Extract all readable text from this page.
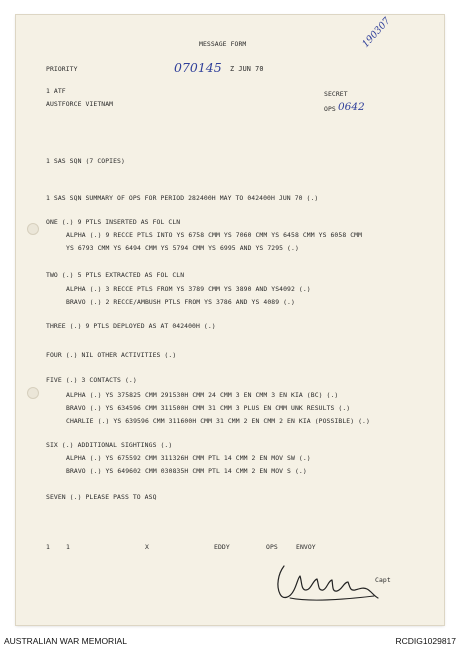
MESSAGE FORM
PRIORITY	070145 Z JUN 70
190307
1 ATF
AUSTFORCE VIETNAM
SECRET
OPS 0642
1 SAS SQN (7 COPIES)
1 SAS SQN SUMMARY OF OPS FOR PERIOD 282400H MAY TO 042400H JUN 70 (.)
ONE (.) 9 PTLS INSERTED AS FOL CLN
ALPHA (.) 9 RECCE PTLS INTO YS 6758 CMM YS 7060 CMM YS 6458 CMM YS 6058 CMM
YS 6793 CMM YS 6494 CMM YS 5794 CMM YS 6995 AND YS 7295 (.)
TWO (.) 5 PTLS EXTRACTED AS FOL CLN
ALPHA (.) 3 RECCE PTLS FROM YS 3789 CMM YS 3890 AND YS4092 (.)
BRAVO (.) 2 RECCE/AMBUSH PTLS FROM YS 3786 AND YS 4089 (.)
THREE (.) 9 PTLS DEPLOYED AS AT 042400H (.)
FOUR (.) NIL OTHER ACTIVITIES (.)
FIVE (.) 3 CONTACTS (.)
ALPHA (.) YS 375825 CMM 291530H CMM 24 CMM 3 EN CMM 3 EN KIA (BC) (.)
BRAVO (.) YS 634596 CMM 311500H CMM 31 CMM 3 PLUS EN CMM UNK RESULTS (.)
CHARLIE (.) YS 639596 CMM 311600H CMM 31 CMM 2 EN CMM 2 EN KIA (POSSIBLE) (.)
SIX (.) ADDITIONAL SIGHTINGS (.)
ALPHA (.) YS 675592 CMM 311326H CMM PTL 14 CMM 2 EN MOV SW (.)
BRAVO (.) YS 649602 CMM 030835H CMM PTL 14 CMM 2 EN MOV S (.)
SEVEN (.) PLEASE PASS TO ASQ
1	1	X	EDDY	OPS	ENVOY
Capt
AUSTRALIAN WAR MEMORIAL	RCDIG1029817
